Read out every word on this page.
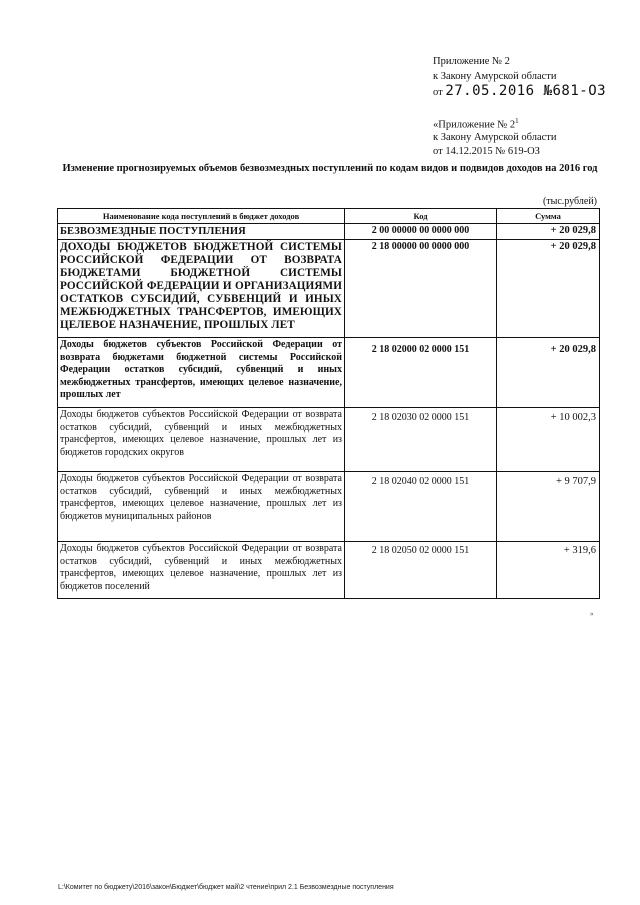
Приложение № 2
к Закону Амурской области
от 27.05.2016 №681-ОЗ
«Приложение № $2^1$
к Закону Амурской области
от 14.12.2015 № 619-ОЗ
Изменение прогнозируемых объемов безвозмездных поступлений по кодам видов и подвидов доходов на 2016 год
(тыс.рублей)
Наименование кода поступлений в бюджет доходов	Код	Сумма
БЕЗВОЗМЕЗДНЫЕ ПОСТУПЛЕНИЯ	2 00 00000 00 0000 000	+ 20 029,8
ДОХОДЫ БЮДЖЕТОВ БЮДЖЕТНОЙ СИСТЕМЫ РОССИЙСКОЙ ФЕДЕРАЦИИ ОТ ВОЗВРАТА БЮДЖЕТАМИ БЮДЖЕТНОЙ СИСТЕМЫ РОССИЙСКОЙ ФЕДЕРАЦИИ И ОРГАНИЗАЦИЯМИ ОСТАТКОВ СУБСИДИЙ, СУБВЕНЦИЙ И ИНЫХ МЕЖБЮДЖЕТНЫХ ТРАНСФЕРТОВ, ИМЕЮЩИХ ЦЕЛЕВОЕ НАЗНАЧЕНИЕ, ПРОШЛЫХ ЛЕТ	2 18 00000 00 0000 000	+ 20 029,8
Доходы бюджетов субъектов Российской Федерации от возврата бюджетами бюджетной системы Российской Федерации остатков субсидий, субвенций и иных межбюджетных трансфертов, имеющих целевое назначение, прошлых лет	2 18 02000 02 0000 151	+ 20 029,8
Доходы бюджетов субъектов Российской Федерации от возврата остатков субсидий, субвенций и иных межбюджетных трансфертов, имеющих целевое назначение, прошлых лет из бюджетов городских округов	2 18 02030 02 0000 151	+ 10 002,3
Доходы бюджетов субъектов Российской Федерации от возврата остатков субсидий, субвенций и иных межбюджетных трансфертов, имеющих целевое назначение, прошлых лет из бюджетов муниципальных районов	2 18 02040 02 0000 151	+ 9 707,9
Доходы бюджетов субъектов Российской Федерации от возврата остатков субсидий, субвенций и иных межбюджетных трансфертов, имеющих целевое назначение, прошлых лет из бюджетов поселений	2 18 02050 02 0000 151	+ 319,6
»
L:\Комитет по бюджету\2016\закон\Бюджет\бюджет май\2 чтение\прил 2.1 Безвозмездные поступления
